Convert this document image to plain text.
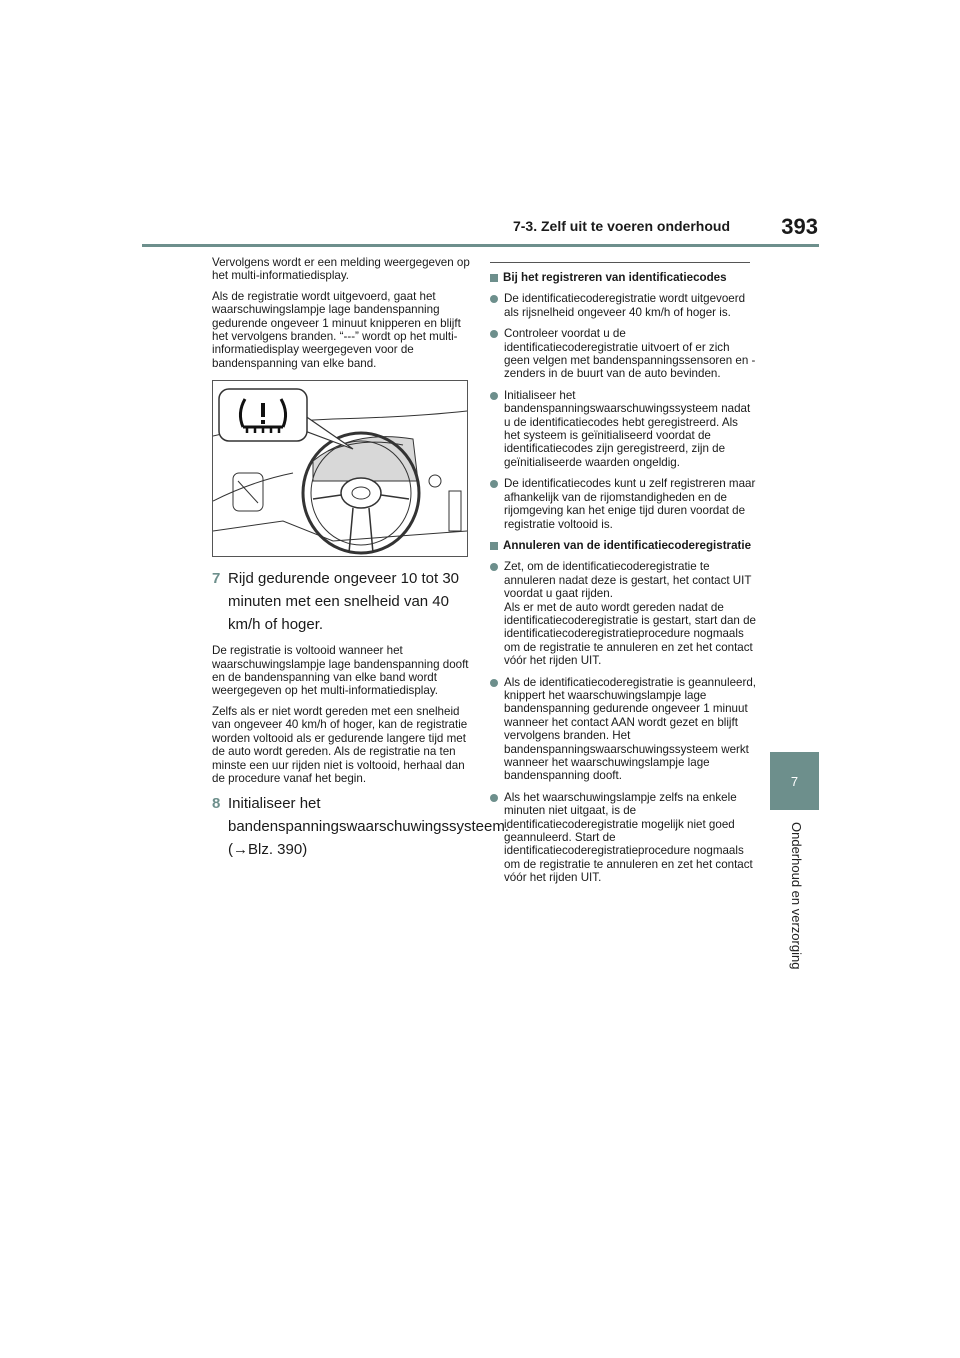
7-3. Zelf uit te voeren onderhoud	393
7
Onderhoud en verzorging

Vervolgens wordt er een melding weergegeven op het multi-informatiedisplay.

Als de registratie wordt uitgevoerd, gaat het waarschuwingslampje lage bandenspanning gedurende ongeveer 1 minuut knipperen en blijft het vervolgens branden. “---” wordt op het multi-informatiedisplay weergegeven voor de bandenspanning van elke band.

7 Rijd gedurende ongeveer 10 tot 30 minuten met een snelheid van 40 km/h of hoger.

De registratie is voltooid wanneer het waarschuwingslampje lage bandenspanning dooft en de bandenspanning van elke band wordt weergegeven op het multi-informatiedisplay.

Zelfs als er niet wordt gereden met een snelheid van ongeveer 40 km/h of hoger, kan de registratie worden voltooid als er gedurende langere tijd met de auto wordt gereden. Als de registratie na ten minste een uur rijden niet is voltooid, herhaal dan de procedure vanaf het begin.

8 Initialiseer het bandenspanningswaarschuwingssysteem.
(→Blz. 390)
Bij het registreren van identificatiecodes
De identificatiecoderegistratie wordt uitgevoerd als rijsnelheid ongeveer 40 km/h of hoger is.
Controleer voordat u de identificatiecoderegistratie uitvoert of er zich geen velgen met bandenspanningssensoren en -zenders in de buurt van de auto bevinden.
Initialiseer het bandenspanningswaarschuwingssysteem nadat u de identificatiecodes hebt geregistreerd. Als het systeem is geïnitialiseerd voordat de identificatiecodes zijn geregistreerd, zijn de geïnitialiseerde waarden ongeldig.
De identificatiecodes kunt u zelf registreren maar afhankelijk van de rijomstandigheden en de rijomgeving kan het enige tijd duren voordat de registratie voltooid is.
Annuleren van de identificatiecoderegistratie
Zet, om de identificatiecoderegistratie te annuleren nadat deze is gestart, het contact UIT voordat u gaat rijden.
Als er met de auto wordt gereden nadat de identificatiecoderegistratie is gestart, start dan de identificatiecoderegistratieprocedure nogmaals om de registratie te annuleren en zet het contact vóór het rijden UIT.
Als de identificatiecoderegistratie is geannuleerd, knippert het waarschuwingslampje lage bandenspanning gedurende ongeveer 1 minuut wanneer het contact AAN wordt gezet en blijft vervolgens branden. Het bandenspanningswaarschuwingssysteem werkt wanneer het waarschuwingslampje lage bandenspanning dooft.
Als het waarschuwingslampje zelfs na enkele minuten niet uitgaat, is de identificatiecoderegistratie mogelijk niet goed geannuleerd. Start de identificatiecoderegistratieprocedure nogmaals om de registratie te annuleren en zet het contact vóór het rijden UIT.
